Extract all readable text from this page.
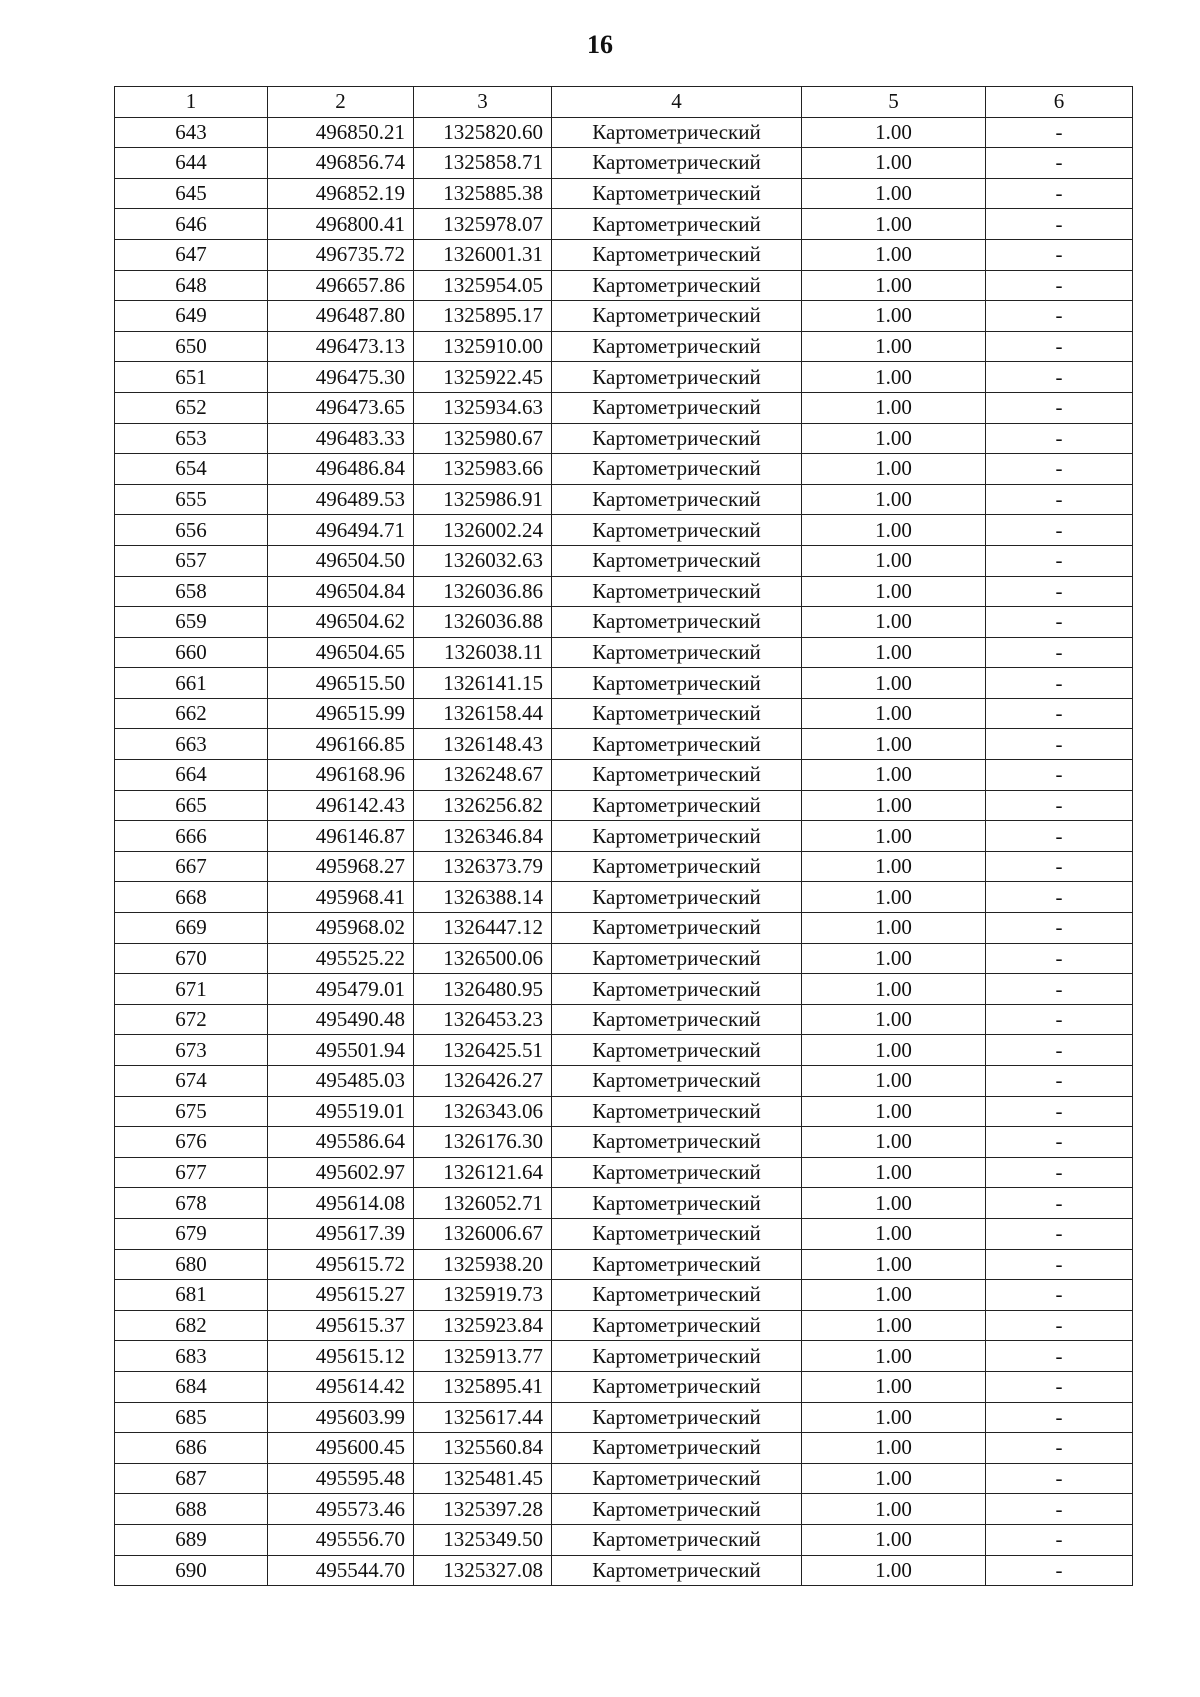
16
1	2	3	4	5	6
643	496850.21	1325820.60	Картометрический	1.00	-
644	496856.74	1325858.71	Картометрический	1.00	-
645	496852.19	1325885.38	Картометрический	1.00	-
646	496800.41	1325978.07	Картометрический	1.00	-
647	496735.72	1326001.31	Картометрический	1.00	-
648	496657.86	1325954.05	Картометрический	1.00	-
649	496487.80	1325895.17	Картометрический	1.00	-
650	496473.13	1325910.00	Картометрический	1.00	-
651	496475.30	1325922.45	Картометрический	1.00	-
652	496473.65	1325934.63	Картометрический	1.00	-
653	496483.33	1325980.67	Картометрический	1.00	-
654	496486.84	1325983.66	Картометрический	1.00	-
655	496489.53	1325986.91	Картометрический	1.00	-
656	496494.71	1326002.24	Картометрический	1.00	-
657	496504.50	1326032.63	Картометрический	1.00	-
658	496504.84	1326036.86	Картометрический	1.00	-
659	496504.62	1326036.88	Картометрический	1.00	-
660	496504.65	1326038.11	Картометрический	1.00	-
661	496515.50	1326141.15	Картометрический	1.00	-
662	496515.99	1326158.44	Картометрический	1.00	-
663	496166.85	1326148.43	Картометрический	1.00	-
664	496168.96	1326248.67	Картометрический	1.00	-
665	496142.43	1326256.82	Картометрический	1.00	-
666	496146.87	1326346.84	Картометрический	1.00	-
667	495968.27	1326373.79	Картометрический	1.00	-
668	495968.41	1326388.14	Картометрический	1.00	-
669	495968.02	1326447.12	Картометрический	1.00	-
670	495525.22	1326500.06	Картометрический	1.00	-
671	495479.01	1326480.95	Картометрический	1.00	-
672	495490.48	1326453.23	Картометрический	1.00	-
673	495501.94	1326425.51	Картометрический	1.00	-
674	495485.03	1326426.27	Картометрический	1.00	-
675	495519.01	1326343.06	Картометрический	1.00	-
676	495586.64	1326176.30	Картометрический	1.00	-
677	495602.97	1326121.64	Картометрический	1.00	-
678	495614.08	1326052.71	Картометрический	1.00	-
679	495617.39	1326006.67	Картометрический	1.00	-
680	495615.72	1325938.20	Картометрический	1.00	-
681	495615.27	1325919.73	Картометрический	1.00	-
682	495615.37	1325923.84	Картометрический	1.00	-
683	495615.12	1325913.77	Картометрический	1.00	-
684	495614.42	1325895.41	Картометрический	1.00	-
685	495603.99	1325617.44	Картометрический	1.00	-
686	495600.45	1325560.84	Картометрический	1.00	-
687	495595.48	1325481.45	Картометрический	1.00	-
688	495573.46	1325397.28	Картометрический	1.00	-
689	495556.70	1325349.50	Картометрический	1.00	-
690	495544.70	1325327.08	Картометрический	1.00	-
